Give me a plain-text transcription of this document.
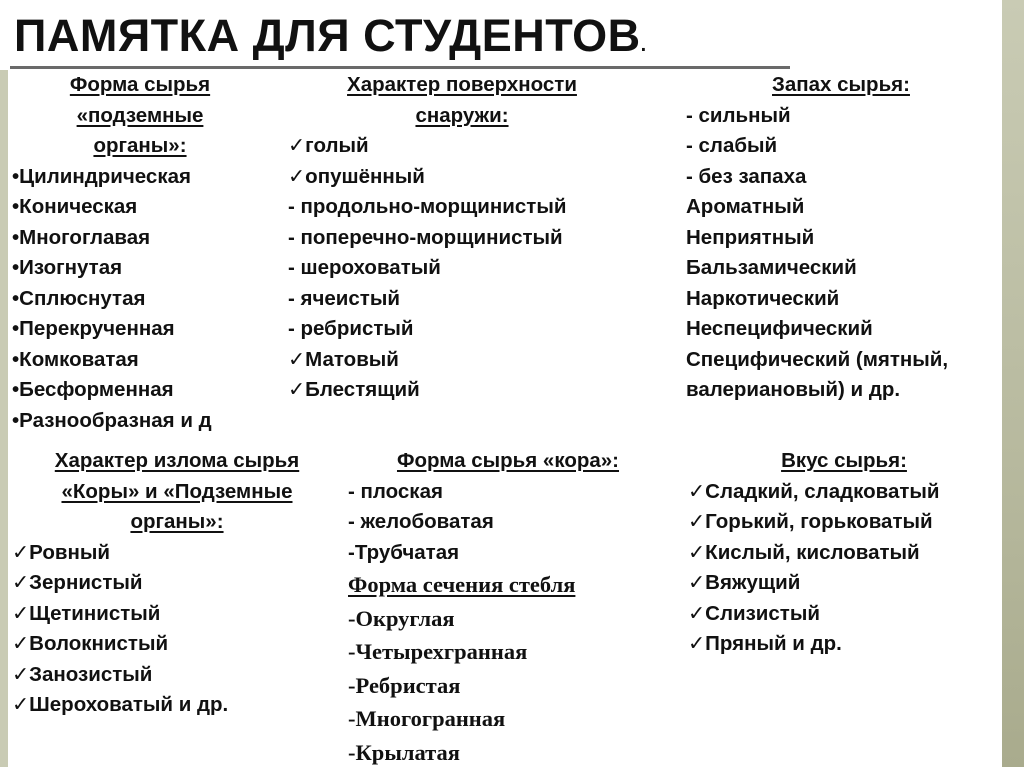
ПАМЯТКА ДЛЯ СТУДЕНТОВ.
Форма сырья
«подземные
органы»:
•Цилиндрическая
•Коническая
•Многоглавая
•Изогнутая
•Сплюснутая
•Перекрученная
•Комковатая
•Бесформенная
•Разнообразная и д
Характер поверхности
снаружи:
✓голый
✓опушённый
- продольно-морщинистый
- поперечно-морщинистый
- шероховатый
- ячеистый
- ребристый
✓Матовый
✓Блестящий
Запах сырья:
- сильный
- слабый
- без запаха
Ароматный
Неприятный
Бальзамический
Наркотический
Неспецифический
Специфический (мятный,
валериановый) и др.
Характер излома сырья
«Коры» и «Подземные
органы»:
✓Ровный
✓Зернистый
✓Щетинистый
✓Волокнистый
✓Занозистый
✓Шероховатый и др.
Форма сырья «кора»:
- плоская
- желобоватая
-Трубчатая
Форма сечения стебля
-Округлая
-Четырехгранная
-Ребристая
-Многогранная
-Крылатая
Вкус сырья:
✓Сладкий, сладковатый
✓Горький, горьковатый
✓Кислый, кисловатый
✓Вяжущий
✓Слизистый
✓Пряный и др.
